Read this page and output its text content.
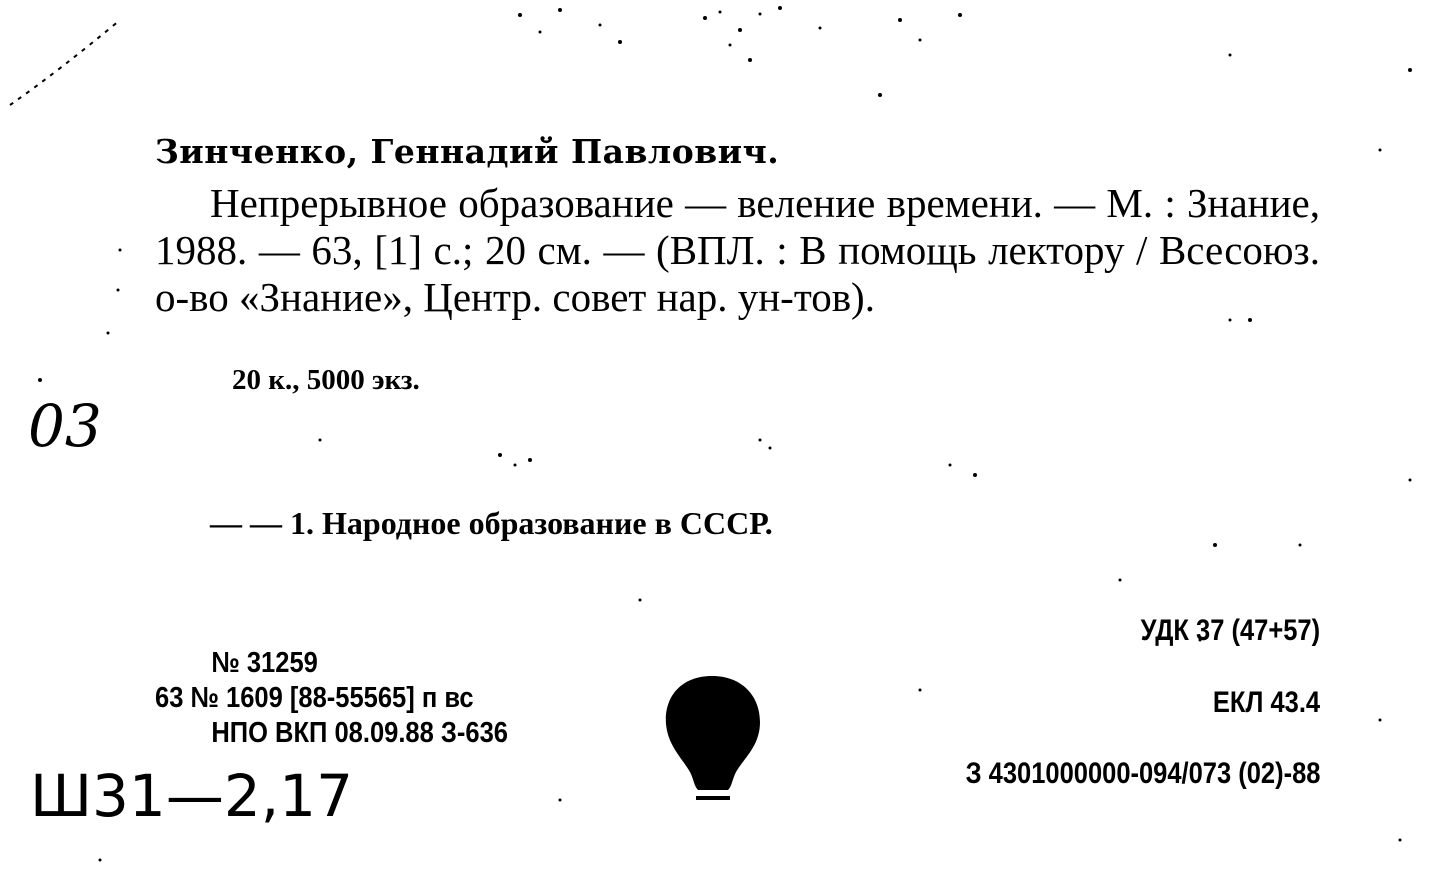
Зинченко, Геннадий Павлович.

Непрерывное образование — веление времени. — М. : Знание, 1988. — 63, [1] с.; 20 см. — (ВПЛ. : В помощь лектору / Всесоюз. о-во «Знание», Центр. совет нар. ун-тов).

20 к., 5000 экз.
03
— — 1. Народное образование в СССР.
№ 31259
63 № 1609 [88-55565] п вс
НПО ВКП 08.09.88 З-636
УДК 37 (47+57)
ЕКЛ 43.4
З 4301000000-094/073 (02)-88
Ш31—2,17
